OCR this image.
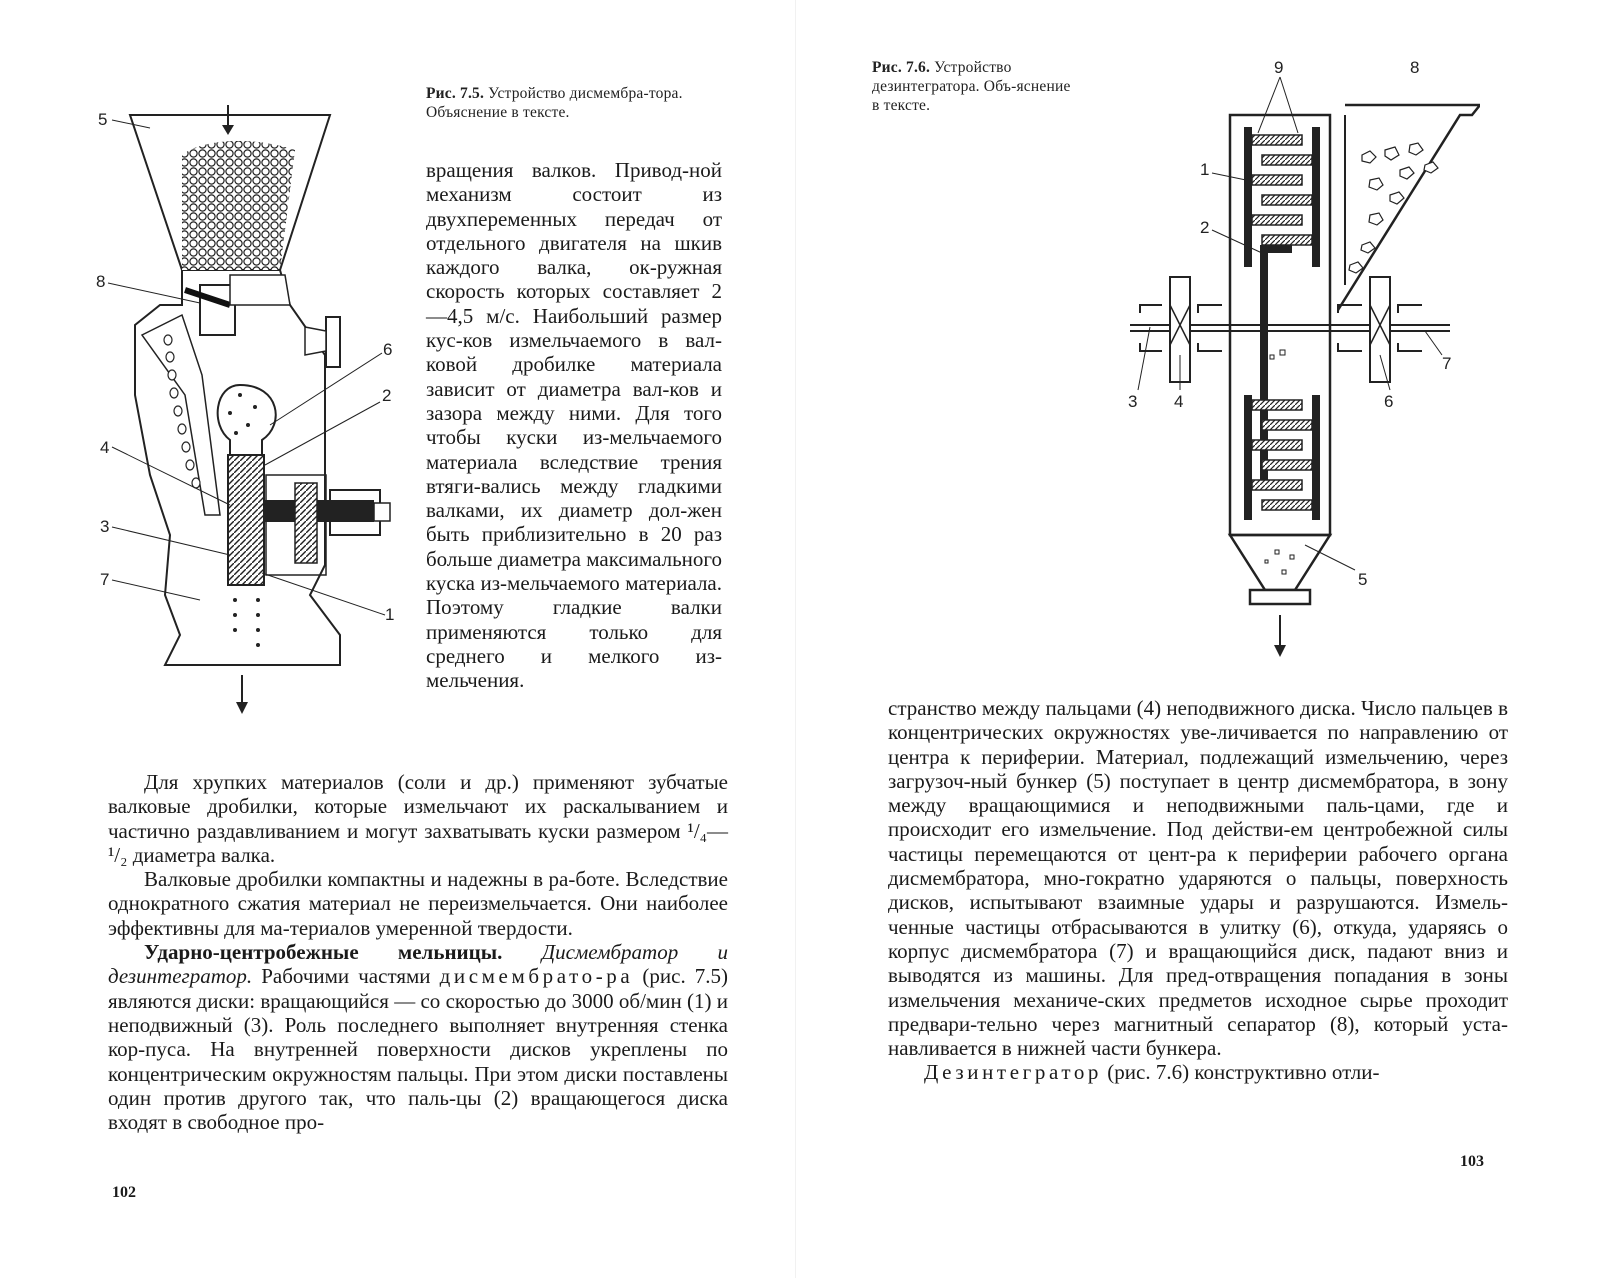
5
8
6
2
4
3
7
1
Рис. 7.5. Устройство дисмембра-тора. Объяснение в тексте.

вращения валков. Привод-ной механизм состоит из двухпеременных передач от отдельного двигателя на шкив каждого валка, ок-ружная скорость которых составляет 2—4,5 м/с. Наибольший размер кус-ков измельчаемого в вал-ковой дробилке материала зависит от диаметра вал-ков и зазора между ними. Для того чтобы куски из-мельчаемого материала вследствие трения втяги-вались между гладкими валками, их диаметр дол-жен быть приблизительно в 20 раз больше диаметра максимального куска из-мельчаемого материала. Поэтому гладкие валки применяются только для среднего и мелкого из-мельчения.

Для хрупких материалов (соли и др.) применяют зубчатые валковые дробилки, которые измельчают их раскалыванием и частично раздавливанием и могут захватывать куски размером ¹/₄—¹/₂ диаметра валка.

Валковые дробилки компактны и надежны в ра-боте. Вследствие однократного сжатия материал не переизмельчается. Они наиболее эффективны для ма-териалов умеренной твердости.

Ударно-центробежные мельницы. Дисмембратор и дезинтегратор. Рабочими частями дисмембрато-ра (рис. 7.5) являются диски: вращающийся — со скоростью до 3000 об/мин (1) и неподвижный (3). Роль последнего выполняет внутренняя стенка кор-пуса. На внутренней поверхности дисков укреплены по концентрическим окружностям пальцы. При этом диски поставлены один против другого так, что паль-цы (2) вращающегося диска входят в свободное про-

102
Рис. 7.6. Устройство дезинтегратора. Объ-яснение в тексте.
9	8
1
2
3 4	6
7
5

странство между пальцами (4) неподвижного диска. Число пальцев в концентрических окружностях уве-личивается по направлению от центра к периферии. Материал, подлежащий измельчению, через загрузоч-ный бункер (5) поступает в центр дисмембратора, в зону между вращающимися и неподвижными паль-цами, где и происходит его измельчение. Под действи-ем центробежной силы частицы перемещаются от цент-ра к периферии рабочего органа дисмембратора, мно-гократно ударяются о пальцы, поверхность дисков, испытывают взаимные удары и разрушаются. Измель-ченные частицы отбрасываются в улитку (6), откуда, ударяясь о корпус дисмембратора (7) и вращающийся диск, падают вниз и выводятся из машины. Для пред-отвращения попадания в зоны измельчения механиче-ских предметов исходное сырье проходит предвари-тельно через магнитный сепаратор (8), который уста-навливается в нижней части бункера.

Дезинтегратор (рис. 7.6) конструктивно отли-

103
